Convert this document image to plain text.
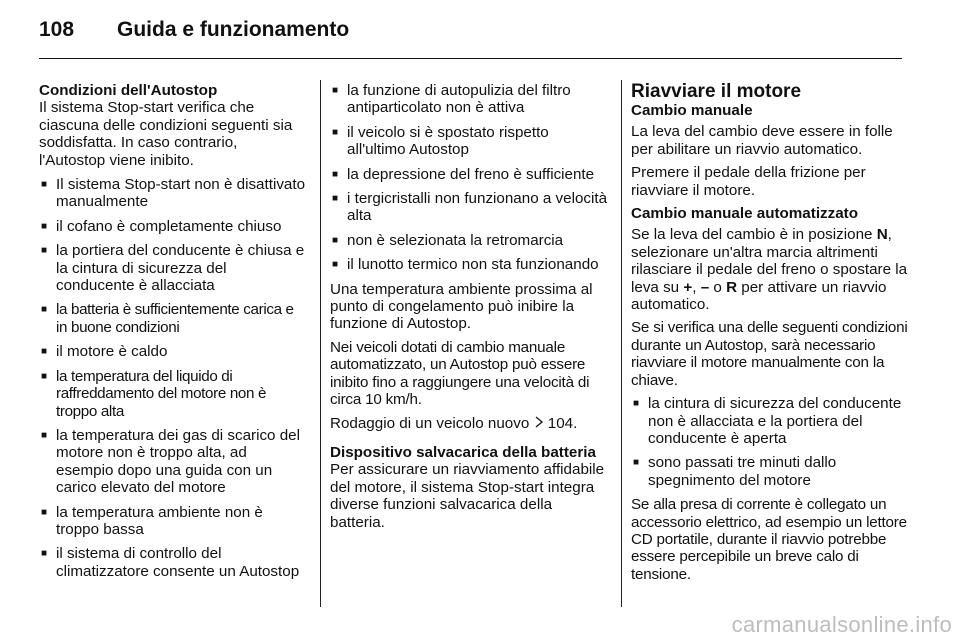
108	Guida e funzionamento
Condizioni dell'Autostop

Il sistema Stop-start verifica che ciascuna delle condizioni seguenti sia soddisfatta. In caso contrario, l'Autostop viene inibito.

■ Il sistema Stop-start non è disattivato manualmente
■ il cofano è completamente chiuso
■ la portiera del conducente è chiusa e la cintura di sicurezza del conducente è allacciata
■ la batteria è sufficientemente carica e in buone condizioni
■ il motore è caldo
■ la temperatura del liquido di raffreddamento del motore non è troppo alta
■ la temperatura dei gas di scarico del motore non è troppo alta, ad esempio dopo una guida con un carico elevato del motore
■ la temperatura ambiente non è troppo bassa
■ il sistema di controllo del climatizzatore consente un Autostop
■ la funzione di autopulizia del filtro antiparticolato non è attiva
■ il veicolo si è spostato rispetto all'ultimo Autostop
■ la depressione del freno è sufficiente
■ i tergicristalli non funzionano a velocità alta
■ non è selezionata la retromarcia
■ il lunotto termico non sta funzionando

Una temperatura ambiente prossima al punto di congelamento può inibire la funzione di Autostop.

Nei veicoli dotati di cambio manuale automatizzato, un Autostop può essere inibito fino a raggiungere una velocità di circa 10 km/h.

Rodaggio di un veicolo nuovo 104.

Dispositivo salvacarica della batteria

Per assicurare un riavviamento affidabile del motore, il sistema Stop-start integra diverse funzioni salvacarica della batteria.

Riavviare il motore
Cambio manuale

La leva del cambio deve essere in folle per abilitare un riavvio automatico.

Premere il pedale della frizione per riavviare il motore.

Cambio manuale automatizzato

Se la leva del cambio è in posizione N, selezionare un'altra marcia altrimenti rilasciare il pedale del freno o spostare la leva su +, – o R per attivare un riavvio automatico.

Se si verifica una delle seguenti condizioni durante un Autostop, sarà necessario riavviare il motore manualmente con la chiave.

■ la cintura di sicurezza del conducente non è allacciata e la portiera del conducente è aperta
■ sono passati tre minuti dallo spegnimento del motore

Se alla presa di corrente è collegato un accessorio elettrico, ad esempio un lettore CD portatile, durante il riavvio potrebbe essere percepibile un breve calo di tensione.

carmanualsonline.info
